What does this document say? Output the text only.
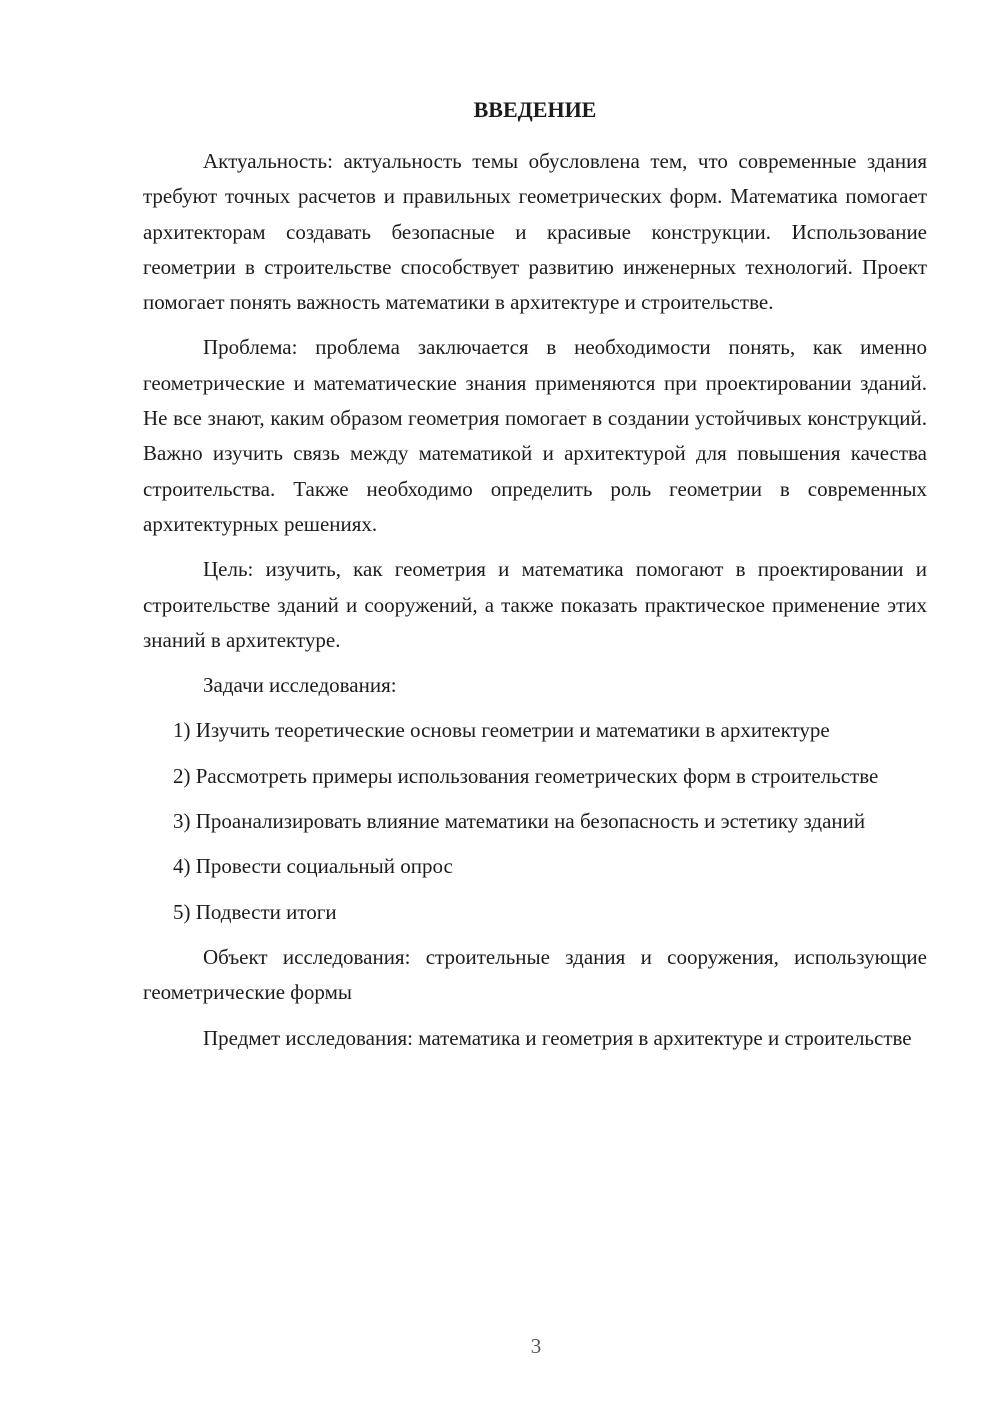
ВВЕДЕНИЕ

Актуальность: актуальность темы обусловлена тем, что современные здания требуют точных расчетов и правильных геометрических форм. Математика помогает архитекторам создавать безопасные и красивые конструкции. Использование геометрии в строительстве способствует развитию инженерных технологий. Проект помогает понять важность математики в архитектуре и строительстве.

Проблема: проблема заключается в необходимости понять, как именно геометрические и математические знания применяются при проектировании зданий. Не все знают, каким образом геометрия помогает в создании устойчивых конструкций. Важно изучить связь между математикой и архитектурой для повышения качества строительства. Также необходимо определить роль геометрии в современных архитектурных решениях.

Цель: изучить, как геометрия и математика помогают в проектировании и строительстве зданий и сооружений, а также показать практическое применение этих знаний в архитектуре.

Задачи исследования:

1) Изучить теоретические основы геометрии и математики в архитектуре

2) Рассмотреть примеры использования геометрических форм в строительстве

3) Проанализировать влияние математики на безопасность и эстетику зданий

4) Провести социальный опрос

5) Подвести итоги

Объект исследования: строительные здания и сооружения, использующие геометрические формы

Предмет исследования: математика и геометрия в архитектуре и строительстве

3
